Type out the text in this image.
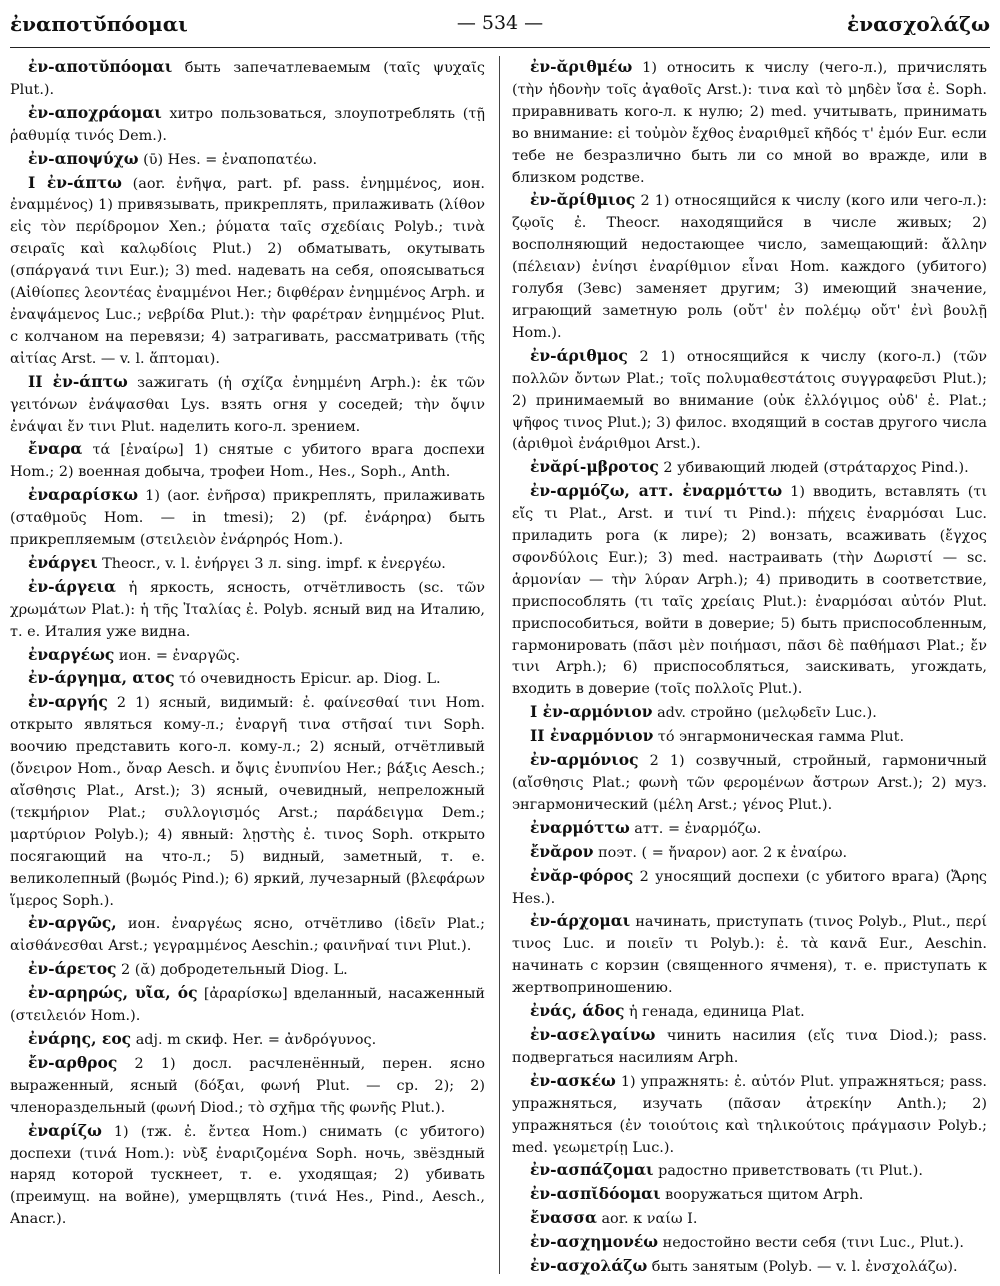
ἐναποτῠ́πόομαι	— 534 —	ἐνασχολάζω

ἐν-αποτῠπόομαι быть запечатлеваемым (ταῖς ψυχαῖς Plut.).

ἐν-αποχράομαι хитро пользоваться, злоупотреблять (τῇ ῥαθυμίᾳ τινός Dem.).

ἐν-αποψύχω (ῡ) Hes. = ἐναποπατέω.

I ἐν-άπτω (aor. ἐνῆψα, part. pf. pass. ἐνημμένος, ион. ἐναμμένος) 1) привязывать, прикреплять, прилаживать (λίθον εἰς τὸν περίδρομον Xen.; ῥύματα ταῖς σχεδίαις Polyb.; τινὰ σειραῖς καὶ καλῳδίοις Plut.) 2) обматывать, окутывать (σπάργανά τινι Eur.); 3) med. надевать на себя, опоясываться (Αἰθίοπες λεοντέας ἐναμμένοι Her.; διφθέραν ἐνημμένος Arph. и ἐναψάμενος Luc.; νεβρίδα Plut.): τὴν φαρέτραν ἐνημμένος Plut. с колчаном на перевязи; 4) затрагивать, рассматривать (τῆς αἰτίας Arst. — v. l. ἅπτομαι).

II ἐν-άπτω зажигать (ἡ σχίζα ἐνημμένη Arph.): ἐκ τῶν γειτόνων ἐνάψασθαι Lys. взять огня у соседей; τὴν ὄψιν ἐνάψαι ἔν τινι Plut. наделить кого-л. зрением.

ἔναρα τά [ἐναίρω] 1) снятые с убитого врага доспехи Hom.; 2) военная добыча, трофеи Hom., Hes., Soph., Anth.

ἐναραρίσκω 1) (aor. ἐνῆρσα) прикреплять, прилаживать (σταθμοῦς Hom. — in tmesi); 2) (pf. ἐνάρηρα) быть прикрепляемым (στειλειὸν ἐνάρηρός Hom.).

ἐνάργει Theocr., v. l. ἐνήργει 3 л. sing. impf. к ἐνεργέω.

ἐν-άργεια ἡ яркость, ясность, отчётливость (sc. τῶν χρωμάτων Plat.): ἡ τῆς Ἰταλίας ἐ. Polyb. ясный вид на Италию, т. е. Италия уже видна.

ἐναργέως ион. = ἐναργῶς.

ἐν-άργημα, ατος τό очевидность Epicur. ap. Diog. L.

ἐν-αργής 2 1) ясный, видимый: ἐ. φαίνεσθαί τινι Hom. открыто являться кому-л.; ἐναργῆ τινα στῆσαί τινι Soph. воочию представить кого-л. кому-л.; 2) ясный, отчётливый (ὄνειρον Hom., ὄναρ Aesch. и ὄψις ἐνυπνίου Her.; βάξις Aesch.; αἴσθησις Plat., Arst.); 3) ясный, очевидный, непреложный (τεκμήριον Plat.; συλλογισμός Arst.; παράδειγμα Dem.; μαρτύριον Polyb.); 4) явный: λῃστὴς ἐ. τινος Soph. открыто посягающий на что-л.; 5) видный, заметный, т. е. великолепный (βωμός Pind.); 6) яркий, лучезарный (βλεφάρων ἵμερος Soph.).

ἐν-αργῶς, ион. ἐναργέως ясно, отчётливо (ἰδεῖν Plat.; αἰσθάνεσθαι Arst.; γεγραμμένος Aeschin.; φαινῆναί τινι Plut.).

ἐν-άρετος 2 (ᾰ) добродетельный Diog. L.

ἐν-αρηρώς, υῖα, ός [ἀραρίσκω] вделанный, насаженный (στειλειόν Hom.).

ἐνάρης, εος adj. m скиф. Her. = ἀνδρόγυνος.

ἔν-αρθρος 2 1) досл. расчленённый, перен. ясно выраженный, ясный (δόξαι, φωνή Plut. — ср. 2); 2) членораздельный (φωνή Diod.; τὸ σχῆμα τῆς φωνῆς Plut.).

ἐναρίζω 1) (тж. ἐ. ἔντεα Hom.) снимать (с убитого) доспехи (τινά Hom.): νὺξ ἐναριζομένα Soph. ночь, звёздный наряд которой тускнеет, т. е. уходящая; 2) убивать (преимущ. на войне), умерщвлять (τινά Hes., Pind., Aesch., Anacr.).

ἐν-ᾰριθμέω 1) относить к числу (чего-л.), причислять (τὴν ἡδονὴν τοῖς ἀγαθοῖς Arst.): τινα καὶ τὸ μηδὲν ἴσα ἐ. Soph. приравнивать кого-л. к нулю; 2) med. учитывать, принимать во внимание: εἰ τοὐμὸν ἔχθος ἐναριθμεῖ κῆδός τ' ἐμόν Eur. если тебе не безразлично быть ли со мной во вражде, или в близком родстве.

ἐν-ᾰρίθμιος 2 1) относящийся к числу (кого или чего-л.): ζῳοῖς ἐ. Theocr. находящийся в числе живых; 2) восполняющий недостающее число, замещающий: ἄλλην (πέλειαν) ἐνίησι ἐναρίθμιον εἶναι Hom. каждого (убитого) голубя (Зевс) заменяет другим; 3) имеющий значение, играющий заметную роль (οὔτ' ἐν πολέμῳ οὔτ' ἐνὶ βουλῇ Hom.).

ἐν-άριθμος 2 1) относящийся к числу (кого-л.) (τῶν πολλῶν ὄντων Plat.; τοῖς πολυμαθεστάτοις συγγραφεῦσι Plut.); 2) принимаемый во внимание (οὐκ ἐλλόγιμος οὐδ' ἐ. Plat.; ψῆφος τινος Plut.); 3) филос. входящий в состав другого числа (ἀριθμοὶ ἐνάριθμοι Arst.).

ἐνᾰρί-μβροτος 2 убивающий людей (στράταρχος Pind.).

ἐν-αρμόζω, атт. ἐναρμόττω 1) вводить, вставлять (τι εἴς τι Plat., Arst. и τινί τι Pind.): πήχεις ἐναρμόσαι Luc. приладить рога (к лире); 2) вонзать, всаживать (ἔγχος σφονδύλοις Eur.); 3) med. настраивать (τὴν Δωριστί — sc. ἁρμονίαν — τὴν λύραν Arph.); 4) приводить в соответствие, приспособлять (τι ταῖς χρείαις Plut.): ἐναρμόσαι αὐτόν Plut. приспособиться, войти в доверие; 5) быть приспособленным, гармонировать (πᾶσι μὲν ποιήμασι, πᾶσι δὲ παθήμασι Plat.; ἔν τινι Arph.); 6) приспособляться, заискивать, угождать, входить в доверие (τοῖς πολλοῖς Plut.).

I ἐν-αρμόνιον adv. стройно (μελῳδεῖν Luc.).

II ἐναρμόνιον τό энгармоническая гамма Plut.

ἐν-αρμόνιος 2 1) созвучный, стройный, гармоничный (αἴσθησις Plat.; φωνὴ τῶν φερομένων ἄστρων Arst.); 2) муз. энгармонический (μέλη Arst.; γένος Plut.).

ἐναρμόττω атт. = ἐναρμόζω.

ἔνᾰρον поэт. ( = ἤναρον) aor. 2 к ἐναίρω.

ἐνᾰρ-φόρος 2 уносящий доспехи (с убитого врага) (Ἄρης Hes.).

ἐν-άρχομαι начинать, приступать (τινος Polyb., Plut., περί τινος Luc. и ποιεῖν τι Polyb.): ἐ. τὰ κανᾶ Eur., Aeschin. начинать с корзин (священного ячменя), т. е. приступать к жертвоприношению.

ἐνάς, άδος ἡ генада, единица Plat.

ἐν-ασελγαίνω чинить насилия (εἴς τινα Diod.); pass. подвергаться насилиям Arph.

ἐν-ασκέω 1) упражнять: ἐ. αὑτόν Plut. упражняться; pass. упражняться, изучать (πᾶσαν ἀτρεκίην Anth.); 2) упражняться (ἐν τοιούτοις καὶ τηλικούτοις πράγμασιν Polyb.; med. γεωμετρίῃ Luc.).

ἐν-ασπάζομαι радостно приветствовать (τι Plut.).

ἐν-ασπῐδόομαι вооружаться щитом Arph.

ἔνασσα aor. к ναίω I.

ἐν-ασχημονέω недостойно вести себя (τινι Luc., Plut.).

ἐν-ασχολάζω быть занятым (Polyb. — v. l. ἐνσχολάζω).
